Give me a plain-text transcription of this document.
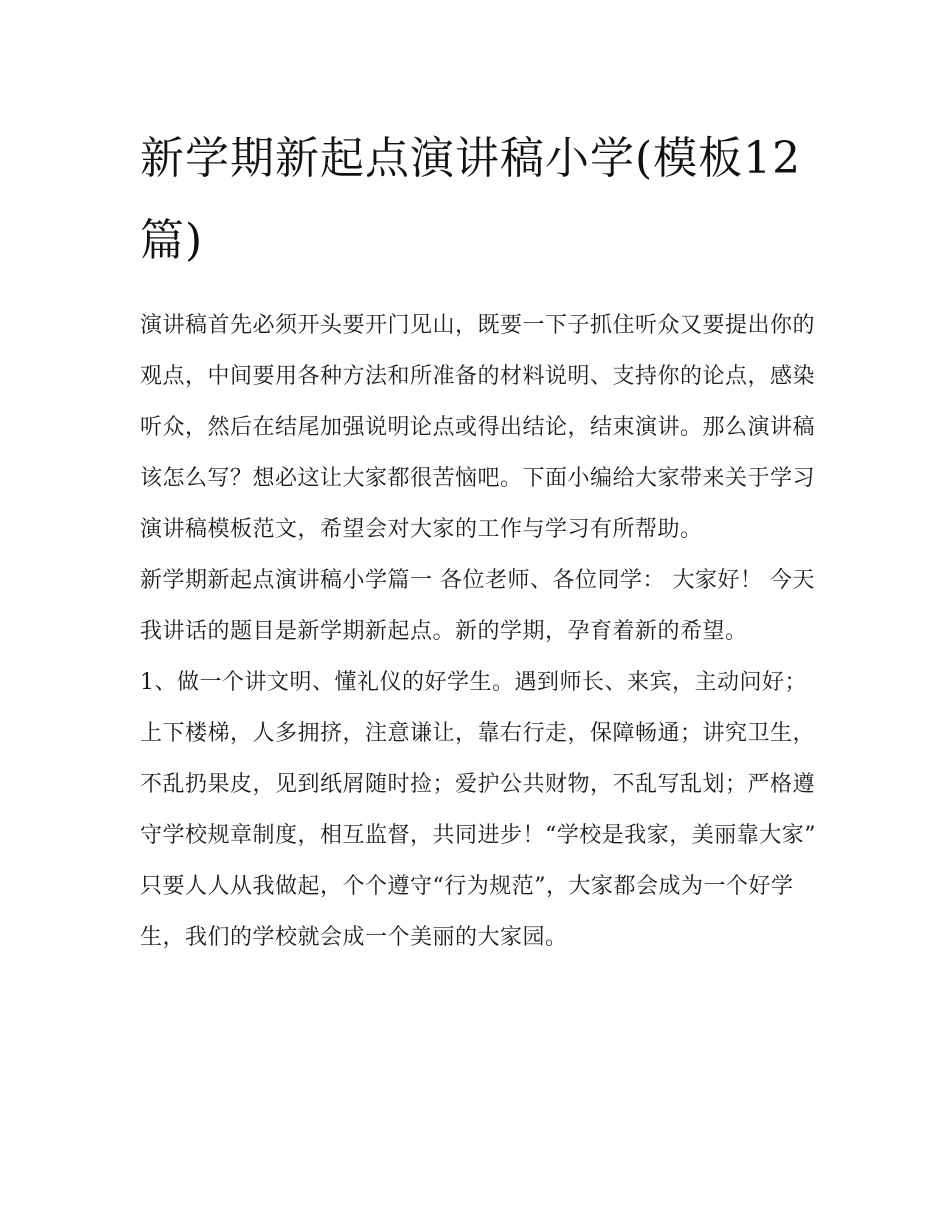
新学期新起点演讲稿小学(模板12篇)

演讲稿首先必须开头要开门见山，既要一下子抓住听众又要提出你的观点，中间要用各种方法和所准备的材料说明、支持你的论点，感染听众，然后在结尾加强说明论点或得出结论，结束演讲。那么演讲稿该怎么写？想必这让大家都很苦恼吧。下面小编给大家带来关于学习演讲稿模板范文，希望会对大家的工作与学习有所帮助。

新学期新起点演讲稿小学篇一 各位老师、各位同学： 大家好！ 今天我讲话的题目是新学期新起点。新的学期，孕育着新的希望。

1、做一个讲文明、懂礼仪的好学生。遇到师长、来宾，主动问好；上下楼梯，人多拥挤，注意谦让，靠右行走，保障畅通；讲究卫生，不乱扔果皮，见到纸屑随时捡；爱护公共财物，不乱写乱划；严格遵守学校规章制度，相互监督，共同进步！“学校是我家，美丽靠大家”

只要人人从我做起，个个遵守“行为规范”，大家都会成为一个好学生，我们的学校就会成一个美丽的大家园。
